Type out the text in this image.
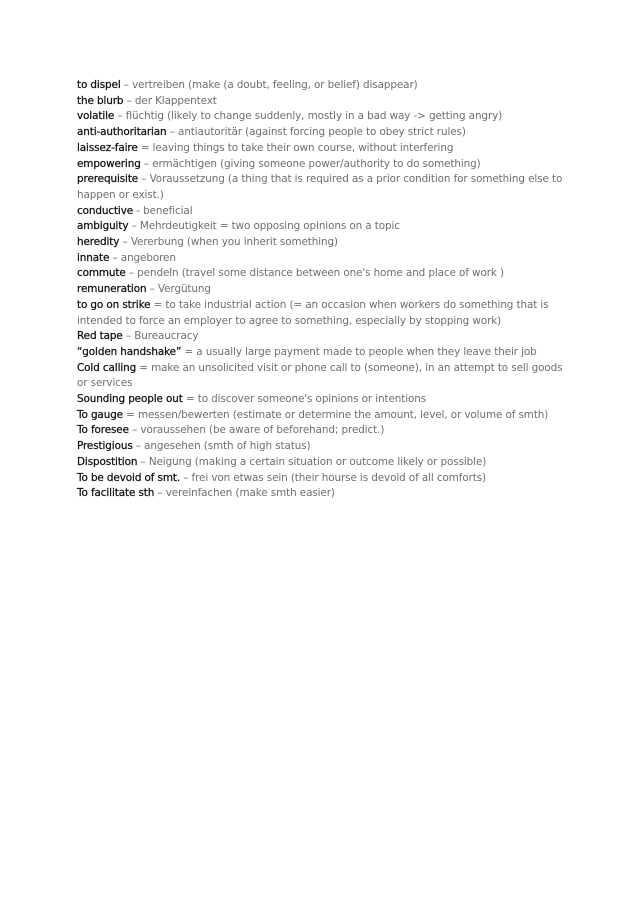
to dispel – vertreiben (make (a doubt, feeling, or belief) disappear)

the blurb – der Klappentext

volatile – flüchtig (likely to change suddenly, mostly in a bad way -> getting angry)

anti-authoritarian – antiautoritär (against forcing people to obey strict rules)

laissez-faire = leaving things to take their own course, without interfering

empowering – ermächtigen (giving someone power/authority to do something)

prerequisite – Voraussetzung (a thing that is required as a prior condition for something else to happen or exist.)

conductive - beneficial

ambiguity – Mehrdeutigkeit = two opposing opinions on a topic

heredity – Vererbung (when you inherit something)

innate – angeboren

commute – pendeln (travel some distance between one's home and place of work )

remuneration – Vergütung

to go on strike = to take industrial action (= an occasion when workers do something that is intended to force an employer to agree to something, especially by stopping work)

Red tape – Bureaucracy

“golden handshake” = a usually large payment made to people when they leave their job

Cold calling = make an unsolicited visit or phone call to (someone), in an attempt to sell goods or services

Sounding people out = to discover someone's opinions or intentions

To gauge = messen/bewerten (estimate or determine the amount, level, or volume of smth)

To foresee – voraussehen (be aware of beforehand; predict.)

Prestigious – angesehen (smth of high status)

Dispostition – Neigung (making a certain situation or outcome likely or possible)

To be devoid of smt. – frei von etwas sein (their hourse is devoid of all comforts)

To facilitate sth – vereinfachen (make smth easier)
